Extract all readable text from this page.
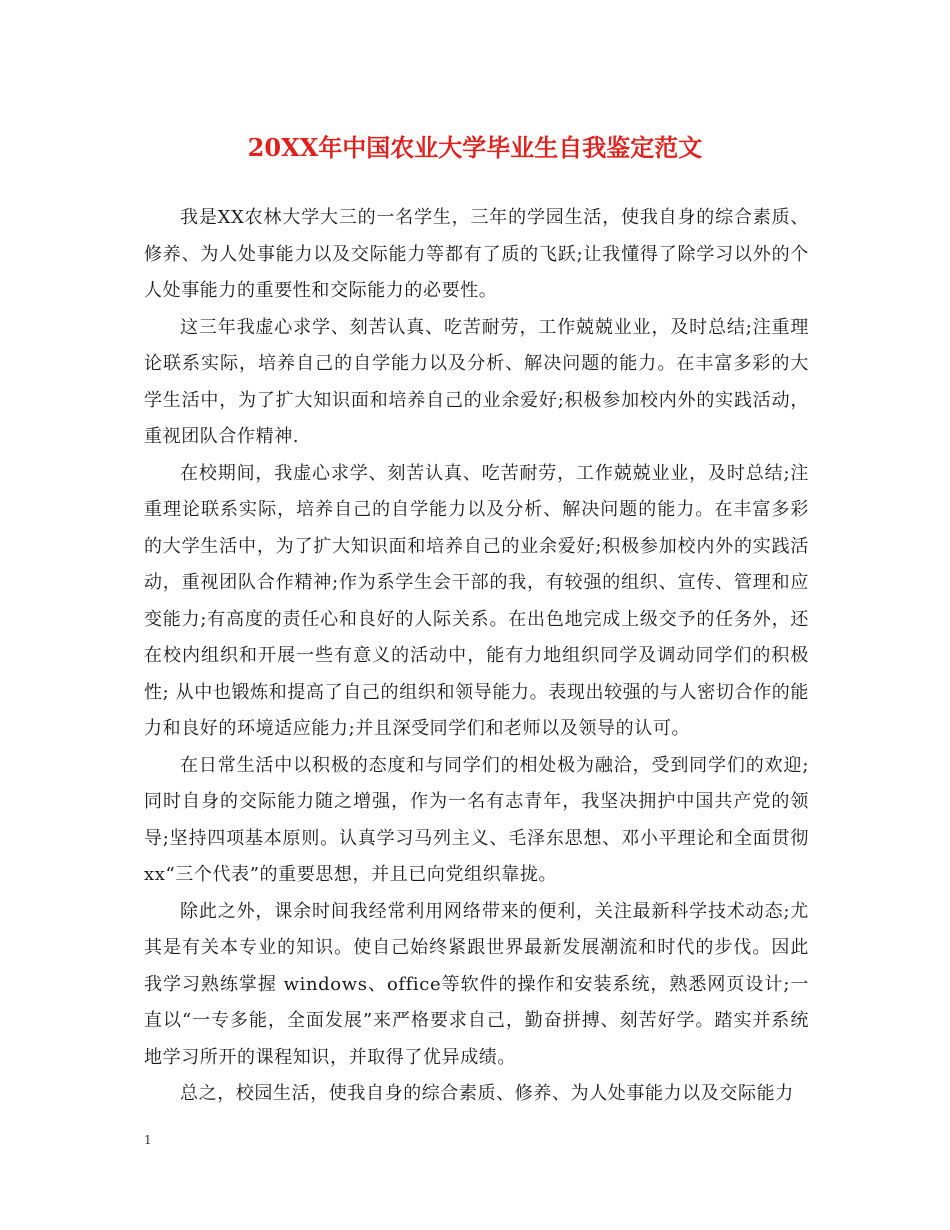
20XX年中国农业大学毕业生自我鉴定范文

我是XX农林大学大三的一名学生，三年的学园生活，使我自身的综合素质、修养、为人处事能力以及交际能力等都有了质的飞跃;让我懂得了除学习以外的个人处事能力的重要性和交际能力的必要性。

这三年我虚心求学、刻苦认真、吃苦耐劳，工作兢兢业业，及时总结;注重理论联系实际，培养自己的自学能力以及分析、解决问题的能力。在丰富多彩的大学生活中，为了扩大知识面和培养自己的业余爱好;积极参加校内外的实践活动，重视团队合作精神.

在校期间，我虚心求学、刻苦认真、吃苦耐劳，工作兢兢业业，及时总结;注重理论联系实际，培养自己的自学能力以及分析、解决问题的能力。在丰富多彩的大学生活中，为了扩大知识面和培养自己的业余爱好;积极参加校内外的实践活动，重视团队合作精神;作为系学生会干部的我，有较强的组织、宣传、管理和应变能力;有高度的责任心和良好的人际关系。在出色地完成上级交予的任务外，还在校内组织和开展一些有意义的活动中，能有力地组织同学及调动同学们的积极性; 从中也锻炼和提高了自己的组织和领导能力。表现出较强的与人密切合作的能力和良好的环境适应能力;并且深受同学们和老师以及领导的认可。

在日常生活中以积极的态度和与同学们的相处极为融洽，受到同学们的欢迎;同时自身的交际能力随之增强，作为一名有志青年，我坚决拥护中国共产党的领导;坚持四项基本原则。认真学习马列主义、毛泽东思想、邓小平理论和全面贯彻xx“三个代表”的重要思想，并且已向党组织靠拢。

除此之外，课余时间我经常利用网络带来的便利，关注最新科学技术动态;尤其是有关本专业的知识。使自己始终紧跟世界最新发展潮流和时代的步伐。因此我学习熟练掌握 windows、office等软件的操作和安装系统，熟悉网页设计;一直以“一专多能，全面发展”来严格要求自己，勤奋拼搏、刻苦好学。踏实并系统地学习所开的课程知识，并取得了优异成绩。

总之，校园生活，使我自身的综合素质、修养、为人处事能力以及交际能力

1
